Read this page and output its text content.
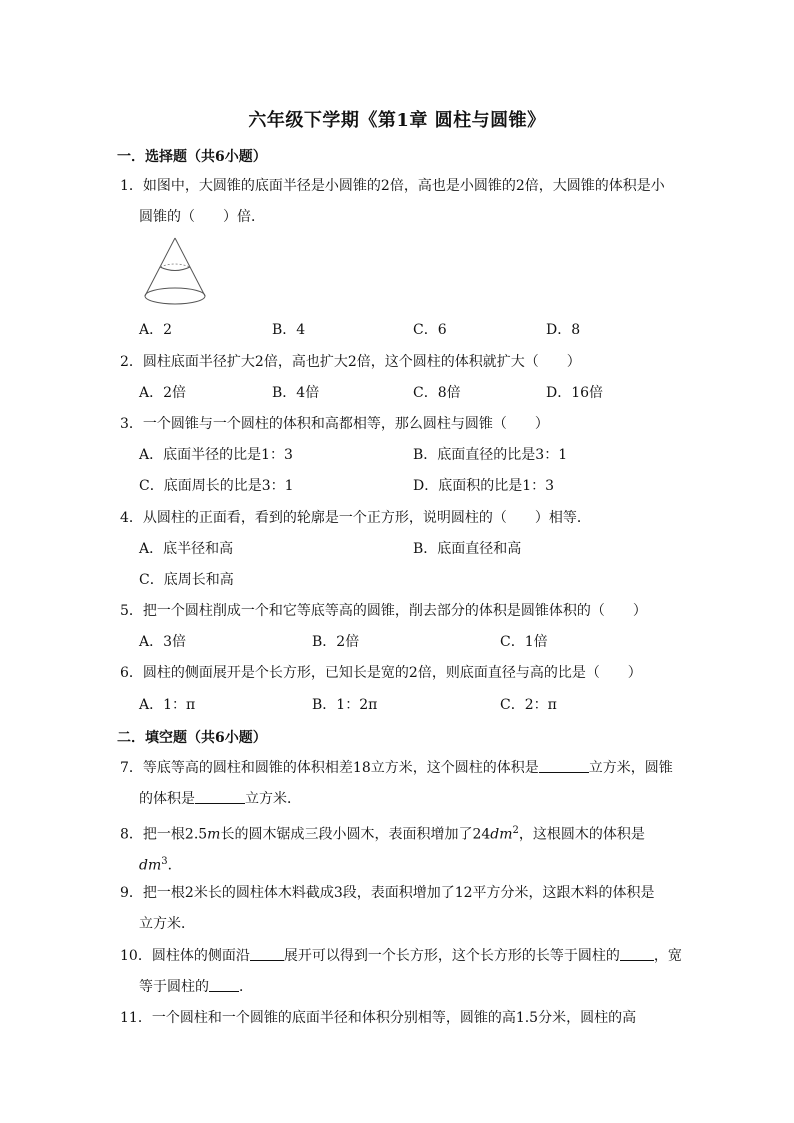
六年级下学期《第1章 圆柱与圆锥》
一．选择题（共6小题）
1．如图中，大圆锥的底面半径是小圆锥的2倍，高也是小圆锥的2倍，大圆锥的体积是小
圆锥的（　　）倍．
A．2	B．4	C．6	D．8
2．圆柱底面半径扩大2倍，高也扩大2倍，这个圆柱的体积就扩大（　　）
A．2倍	B．4倍	C．8倍	D．16倍
3．一个圆锥与一个圆柱的体积和高都相等，那么圆柱与圆锥（　　）
A．底面半径的比是1：3	B．底面直径的比是3：1
C．底面周长的比是3：1	D．底面积的比是1：3
4．从圆柱的正面看，看到的轮廓是一个正方形，说明圆柱的（　　）相等．
A．底半径和高	B．底面直径和高
C．底周长和高
5．把一个圆柱削成一个和它等底等高的圆锥，削去部分的体积是圆锥体积的（　　）
A．3倍	B．2倍	C．1倍
6．圆柱的侧面展开是个长方形，已知长是宽的2倍，则底面直径与高的比是（　　）
A．1：π	B．1：2π	C．2：π
二．填空题（共6小题）
7．等底等高的圆柱和圆锥的体积相差18立方米，这个圆柱的体积是	立方米，圆锥
的体积是	立方米．
8．把一根2.5m长的圆木锯成三段小圆木，表面积增加了$24dm^2$，这根圆木的体积是
$dm^3$．
9．把一根2米长的圆柱体木料截成3段，表面积增加了12平方分米，这跟木料的体积是
立方米．
10．圆柱体的侧面沿 展开可以得到一个长方形，这个长方形的长等于圆柱的 ，宽
等于圆柱的 ．
11．一个圆柱和一个圆锥的底面半径和体积分别相等，圆锥的高1.5分米，圆柱的高
